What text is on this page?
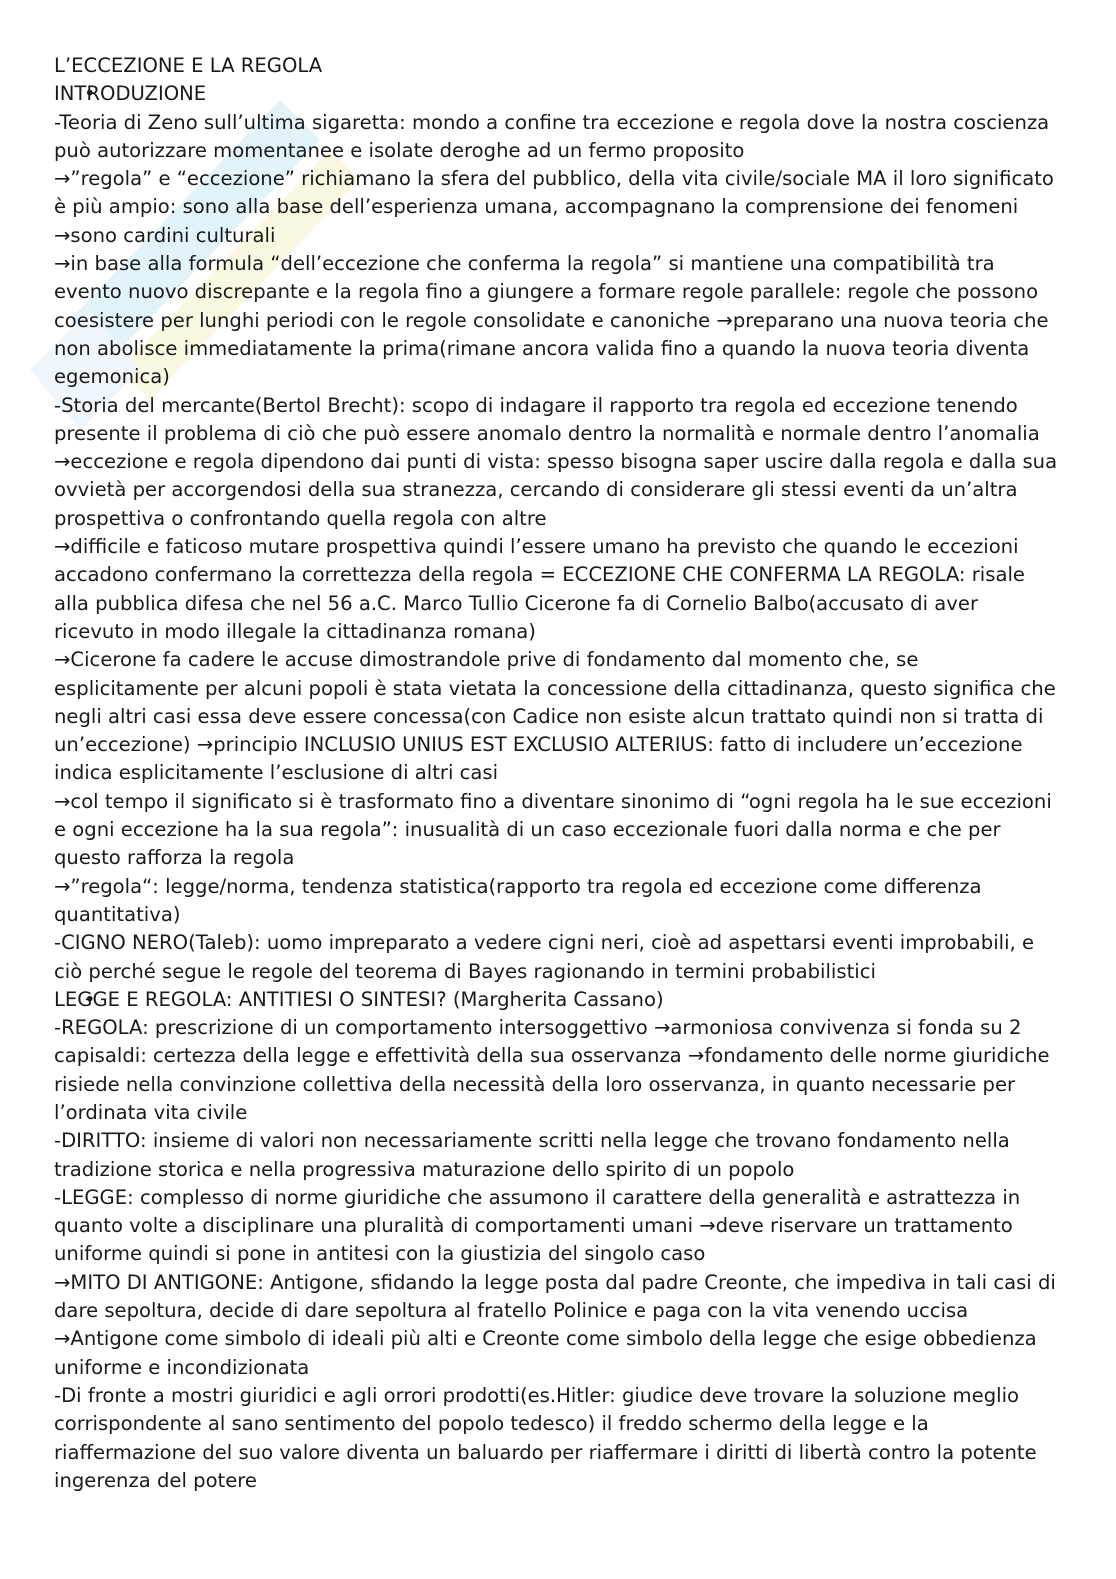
L’ECCEZIONE E LA REGOLA

• INTRODUZIONE

-Teoria di Zeno sull’ultima sigaretta: mondo a confine tra eccezione e regola dove la nostra coscienza può autorizzare momentanee e isolate deroghe ad un fermo proposito

→”regola” e “eccezione” richiamano la sfera del pubblico, della vita civile/sociale MA il loro significato è più ampio: sono alla base dell’esperienza umana, accompagnano la comprensione dei fenomeni →sono cardini culturali

→in base alla formula “dell’eccezione che conferma la regola” si mantiene una compatibilità tra evento nuovo discrepante e la regola fino a giungere a formare regole parallele: regole che possono coesistere per lunghi periodi con le regole consolidate e canoniche →preparano una nuova teoria che non abolisce immediatamente la prima(rimane ancora valida fino a quando la nuova teoria diventa egemonica)

-Storia del mercante(Bertol Brecht): scopo di indagare il rapporto tra regola ed eccezione tenendo presente il problema di ciò che può essere anomalo dentro la normalità e normale dentro l’anomalia →eccezione e regola dipendono dai punti di vista: spesso bisogna saper uscire dalla regola e dalla sua ovvietà per accorgendosi della sua stranezza, cercando di considerare gli stessi eventi da un’altra prospettiva o confrontando quella regola con altre

→difficile e faticoso mutare prospettiva quindi l’essere umano ha previsto che quando le eccezioni accadono confermano la correttezza della regola = ECCEZIONE CHE CONFERMA LA REGOLA: risale alla pubblica difesa che nel 56 a.C. Marco Tullio Cicerone fa di Cornelio Balbo(accusato di aver ricevuto in modo illegale la cittadinanza romana)

→Cicerone fa cadere le accuse dimostrandole prive di fondamento dal momento che, se esplicitamente per alcuni popoli è stata vietata la concessione della cittadinanza, questo significa che negli altri casi essa deve essere concessa(con Cadice non esiste alcun trattato quindi non si tratta di un’eccezione) →principio INCLUSIO UNIUS EST EXCLUSIO ALTERIUS: fatto di includere un’eccezione indica esplicitamente l’esclusione di altri casi

→col tempo il significato si è trasformato fino a diventare sinonimo di “ogni regola ha le sue eccezioni e ogni eccezione ha la sua regola”: inusualità di un caso eccezionale fuori dalla norma e che per questo rafforza la regola

→”regola“: legge/norma, tendenza statistica(rapporto tra regola ed eccezione come differenza quantitativa)

-CIGNO NERO(Taleb): uomo impreparato a vedere cigni neri, cioè ad aspettarsi eventi improbabili, e ciò perché segue le regole del teorema di Bayes ragionando in termini probabilistici

• LEGGE E REGOLA: ANTITIESI O SINTESI? (Margherita Cassano)

-REGOLA: prescrizione di un comportamento intersoggettivo →armoniosa convivenza si fonda su 2 capisaldi: certezza della legge e effettività della sua osservanza →fondamento delle norme giuridiche risiede nella convinzione collettiva della necessità della loro osservanza, in quanto necessarie per l’ordinata vita civile

-DIRITTO: insieme di valori non necessariamente scritti nella legge che trovano fondamento nella tradizione storica e nella progressiva maturazione dello spirito di un popolo

-LEGGE: complesso di norme giuridiche che assumono il carattere della generalità e astrattezza in quanto volte a disciplinare una pluralità di comportamenti umani →deve riservare un trattamento uniforme quindi si pone in antitesi con la giustizia del singolo caso

→MITO DI ANTIGONE: Antigone, sfidando la legge posta dal padre Creonte, che impediva in tali casi di dare sepoltura, decide di dare sepoltura al fratello Polinice e paga con la vita venendo uccisa →Antigone come simbolo di ideali più alti e Creonte come simbolo della legge che esige obbedienza uniforme e incondizionata

-Di fronte a mostri giuridici e agli orrori prodotti(es.Hitler: giudice deve trovare la soluzione meglio corrispondente al sano sentimento del popolo tedesco) il freddo schermo della legge e la riaffermazione del suo valore diventa un baluardo per riaffermare i diritti di libertà contro la potente ingerenza del potere
